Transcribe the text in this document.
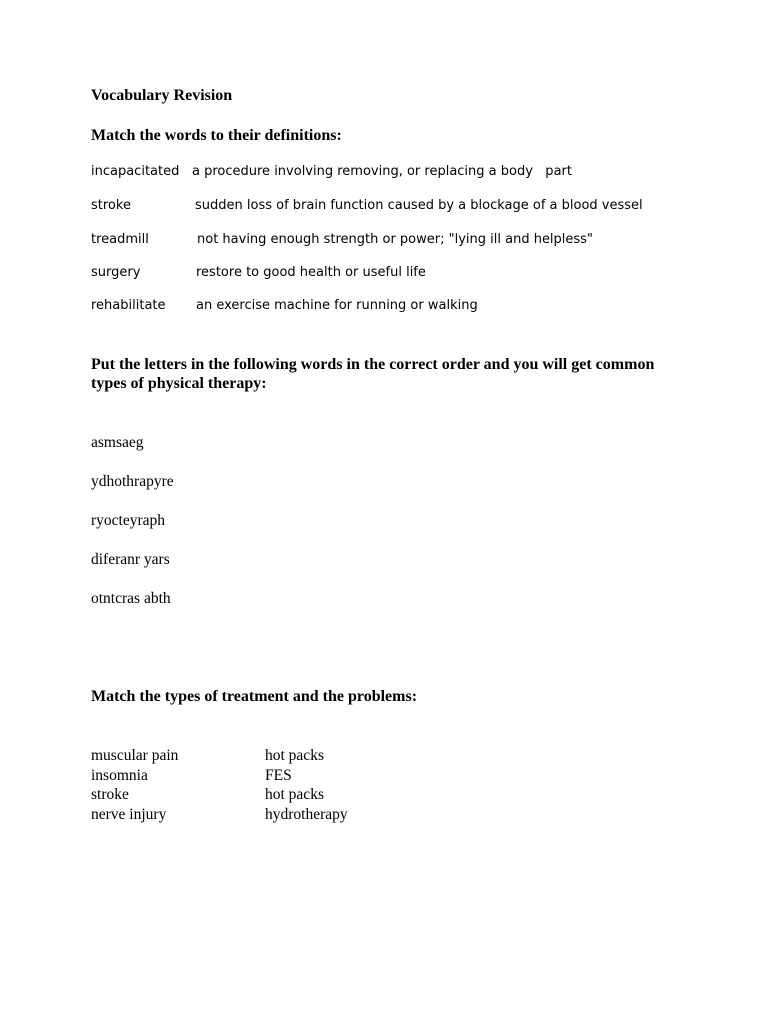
Vocabulary Revision
Match the words to their definitions:
incapacitated a procedure involving removing, or replacing a body   part
stroke	sudden loss of brain function caused by a blockage of a blood vessel
treadmill	not having enough strength or power; "lying ill and helpless"
surgery	restore to good health or useful life
rehabilitate an exercise machine for running or walking
Put the letters in the following words in the correct order and you will get common types of physical therapy:
asmsaeg
ydhothrapyre
ryocteyraph
diferanr yars
otntcras abth
Match the types of treatment and the problems:
muscular pain	hot packs
insomnia	FES
stroke	hot packs
nerve injury	hydrotherapy
